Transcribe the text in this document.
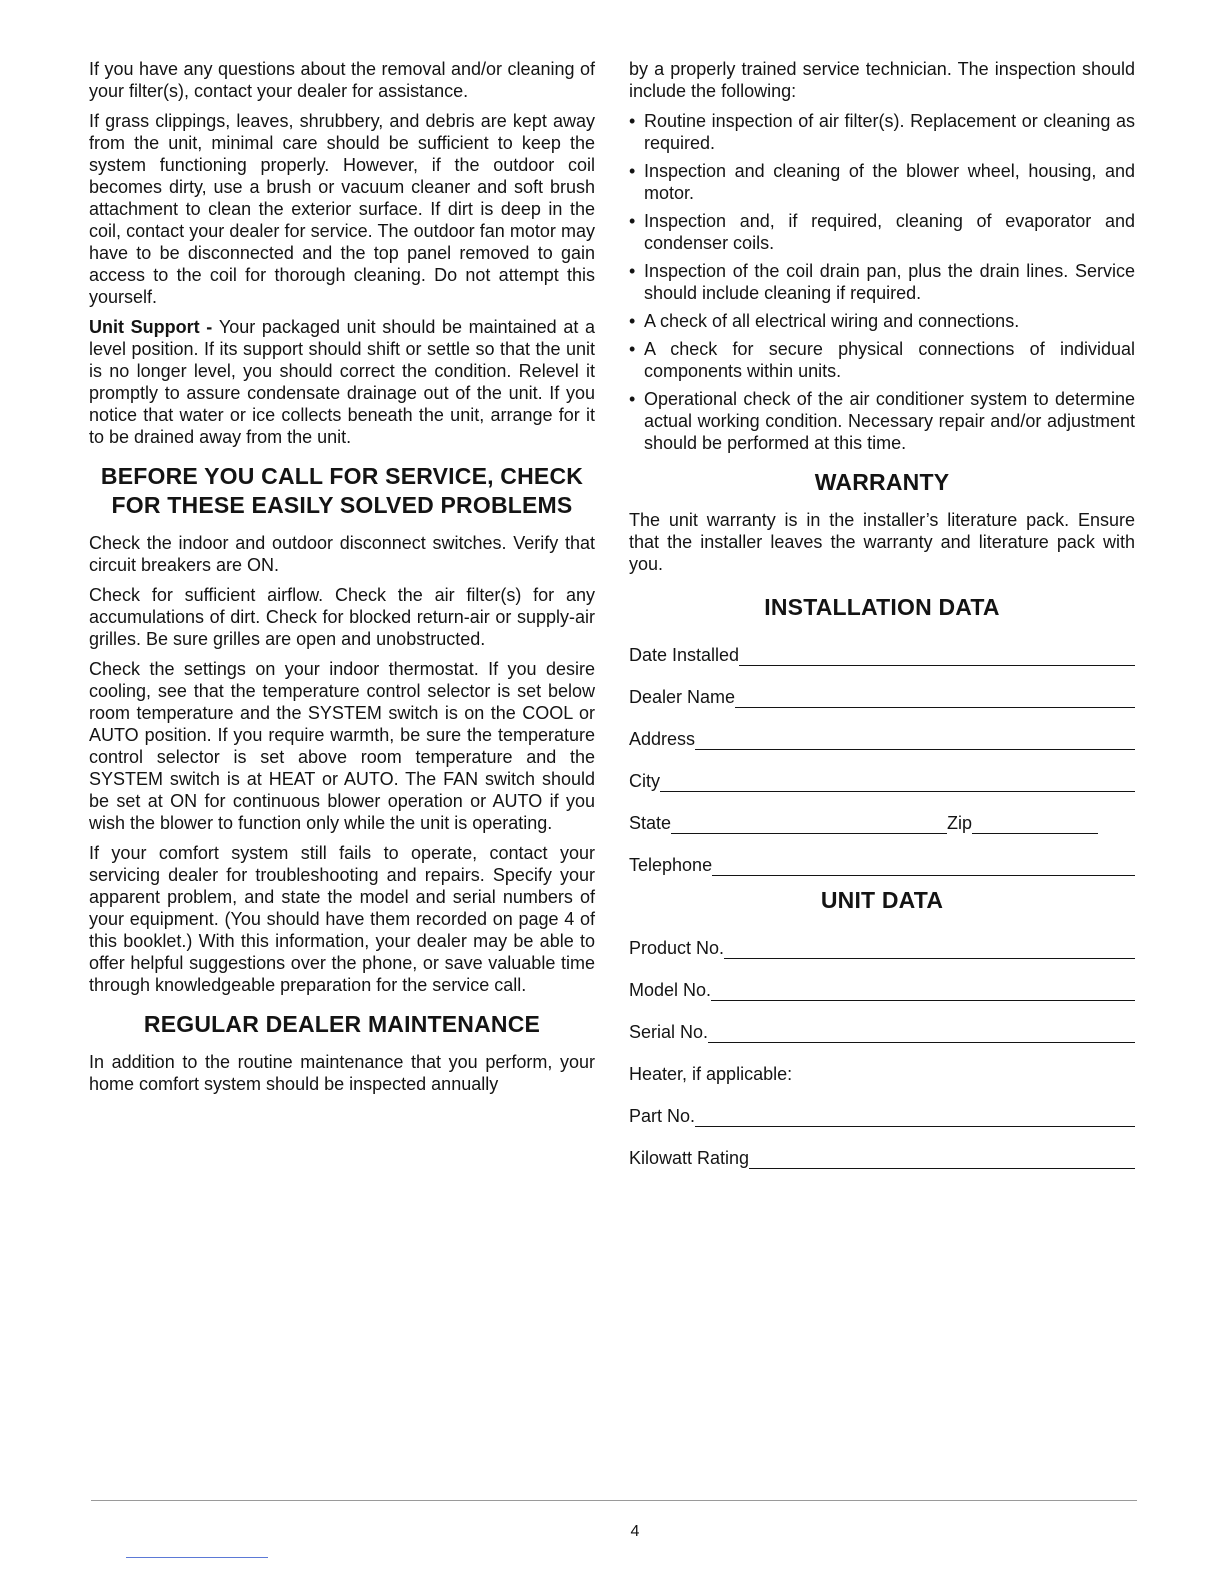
If you have any questions about the removal and/or cleaning of your filter(s), contact your dealer for assistance.

If grass clippings, leaves, shrubbery, and debris are kept away from the unit, minimal care should be sufficient to keep the system functioning properly. However, if the outdoor coil becomes dirty, use a brush or vacuum cleaner and soft brush attachment to clean the exterior surface. If dirt is deep in the coil, contact your dealer for service. The outdoor fan motor may have to be disconnected and the top panel removed to gain access to the coil for thorough cleaning. Do not attempt this yourself.

Unit Support - Your packaged unit should be maintained at a level position. If its support should shift or settle so that the unit is no longer level, you should correct the condition. Relevel it promptly to assure condensate drainage out of the unit. If you notice that water or ice collects beneath the unit, arrange for it to be drained away from the unit.

BEFORE YOU CALL FOR SERVICE, CHECK
FOR THESE EASILY SOLVED PROBLEMS

Check the indoor and outdoor disconnect switches. Verify that circuit breakers are ON.

Check for sufficient airflow. Check the air filter(s) for any accumulations of dirt. Check for blocked return-air or supply-air grilles. Be sure grilles are open and unobstructed.

Check the settings on your indoor thermostat. If you desire cooling, see that the temperature control selector is set below room temperature and the SYSTEM switch is on the COOL or AUTO position. If you require warmth, be sure the temperature control selector is set above room temperature and the SYSTEM switch is at HEAT or AUTO. The FAN switch should be set at ON for continuous blower operation or AUTO if you wish the blower to function only while the unit is operating.

If your comfort system still fails to operate, contact your servicing dealer for troubleshooting and repairs. Specify your apparent problem, and state the model and serial numbers of your equipment. (You should have them recorded on page 4 of this booklet.) With this information, your dealer may be able to offer helpful suggestions over the phone, or save valuable time through knowledgeable preparation for the service call.

REGULAR DEALER MAINTENANCE

In addition to the routine maintenance that you perform, your home comfort system should be inspected annually

by a properly trained service technician. The inspection should include the following:

• Routine inspection of air filter(s). Replacement or cleaning as required.
• Inspection and cleaning of the blower wheel, housing, and motor.
• Inspection and, if required, cleaning of evaporator and condenser coils.
• Inspection of the coil drain pan, plus the drain lines. Service should include cleaning if required.
• A check of all electrical wiring and connections.
• A check for secure physical connections of individual components within units.
• Operational check of the air conditioner system to determine actual working condition. Necessary repair and/or adjustment should be performed at this time.
WARRANTY

The unit warranty is in the installer’s literature pack. Ensure that the installer leaves the warranty and literature pack with you.

INSTALLATION DATA
Date Installed
Dealer Name
Address
City
State	Zip
Telephone
UNIT DATA
Product No.
Model No.
Serial No.
Heater, if applicable:
Part No.
Kilowatt Rating
4
